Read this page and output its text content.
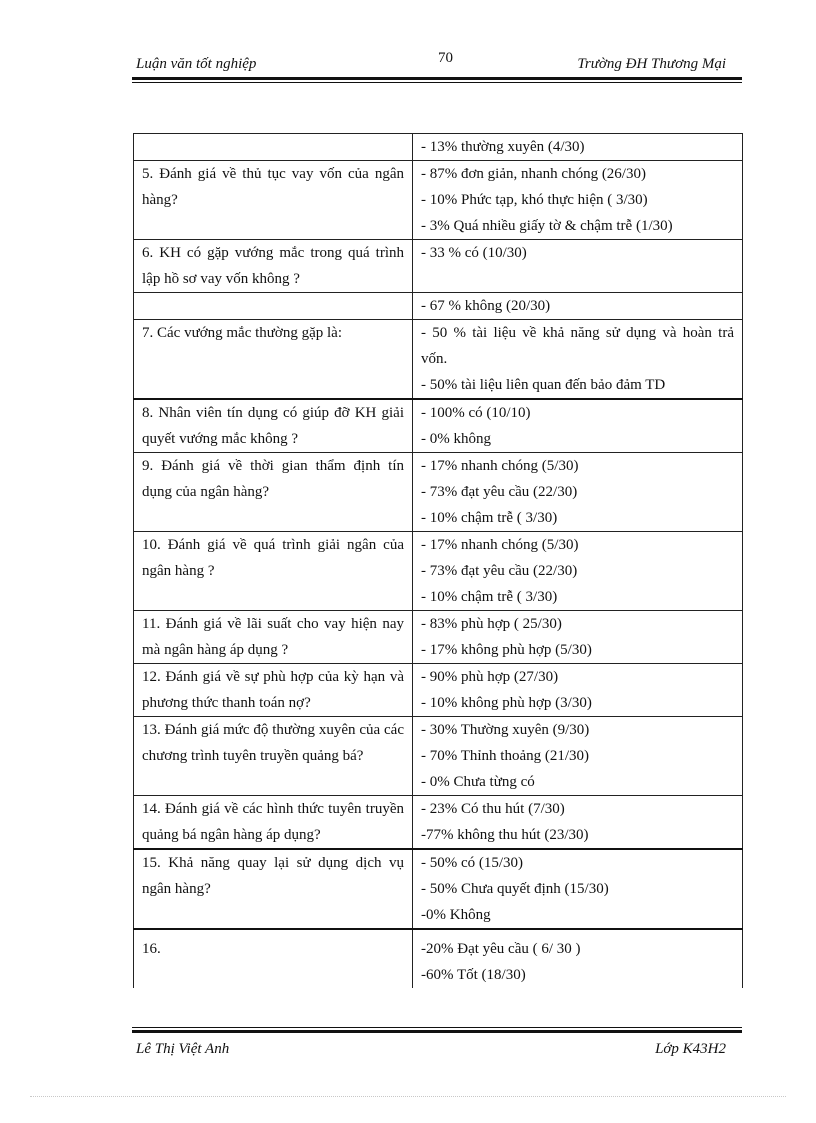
Luận văn tốt nghiệp	70	Trường ĐH Thương Mại

	- 13% thường xuyên (4/30)

5. Đánh giá về thủ tục vay vốn của ngân hàng?	- 87% đơn giản, nhanh chóng (26/30)
- 10% Phức tạp, khó thực hiện ( 3/30)
- 3% Quá nhiều giấy tờ & chậm trễ (1/30)

6. KH có gặp vướng mắc trong quá trình lập hồ sơ vay vốn không ?	- 33 % có (10/30)

	- 67 % không (20/30)

7. Các vướng mắc thường gặp là:	- 50 % tài liệu về khả năng sử dụng và hoàn trả vốn.
- 50% tài liệu liên quan đến bảo đảm TD

8. Nhân viên tín dụng có giúp đỡ KH giải quyết vướng mắc không ?	- 100% có (10/10)
- 0% không

9. Đánh giá về thời gian thẩm định tín dụng của ngân hàng?	- 17% nhanh chóng (5/30)
- 73% đạt yêu cầu (22/30)
- 10% chậm trễ ( 3/30)

10. Đánh giá về quá trình giải ngân của ngân hàng ?	- 17% nhanh chóng (5/30)
- 73% đạt yêu cầu (22/30)
- 10% chậm trễ ( 3/30)

11. Đánh giá về lãi suất cho vay hiện nay mà ngân hàng áp dụng ?	- 83% phù hợp ( 25/30)
- 17% không phù hợp (5/30)

12. Đánh giá về sự phù hợp của kỳ hạn và phương thức thanh toán nợ?	- 90% phù hợp (27/30)
- 10% không phù hợp (3/30)

13. Đánh giá mức độ thường xuyên của các chương trình tuyên truyền quảng bá?	- 30% Thường xuyên (9/30)
- 70% Thỉnh thoảng (21/30)
- 0% Chưa từng có

14. Đánh giá về các hình thức tuyên truyền quảng bá ngân hàng áp dụng?	- 23% Có thu hút (7/30)
-77% không thu hút (23/30)

15. Khả năng quay lại sử dụng dịch vụ ngân hàng?	- 50% có (15/30)
- 50% Chưa quyết định (15/30)
-0% Không

16.	-20% Đạt yêu cầu ( 6/ 30 )
-60% Tốt (18/30)
Lê Thị Việt Anh	Lớp K43H2
